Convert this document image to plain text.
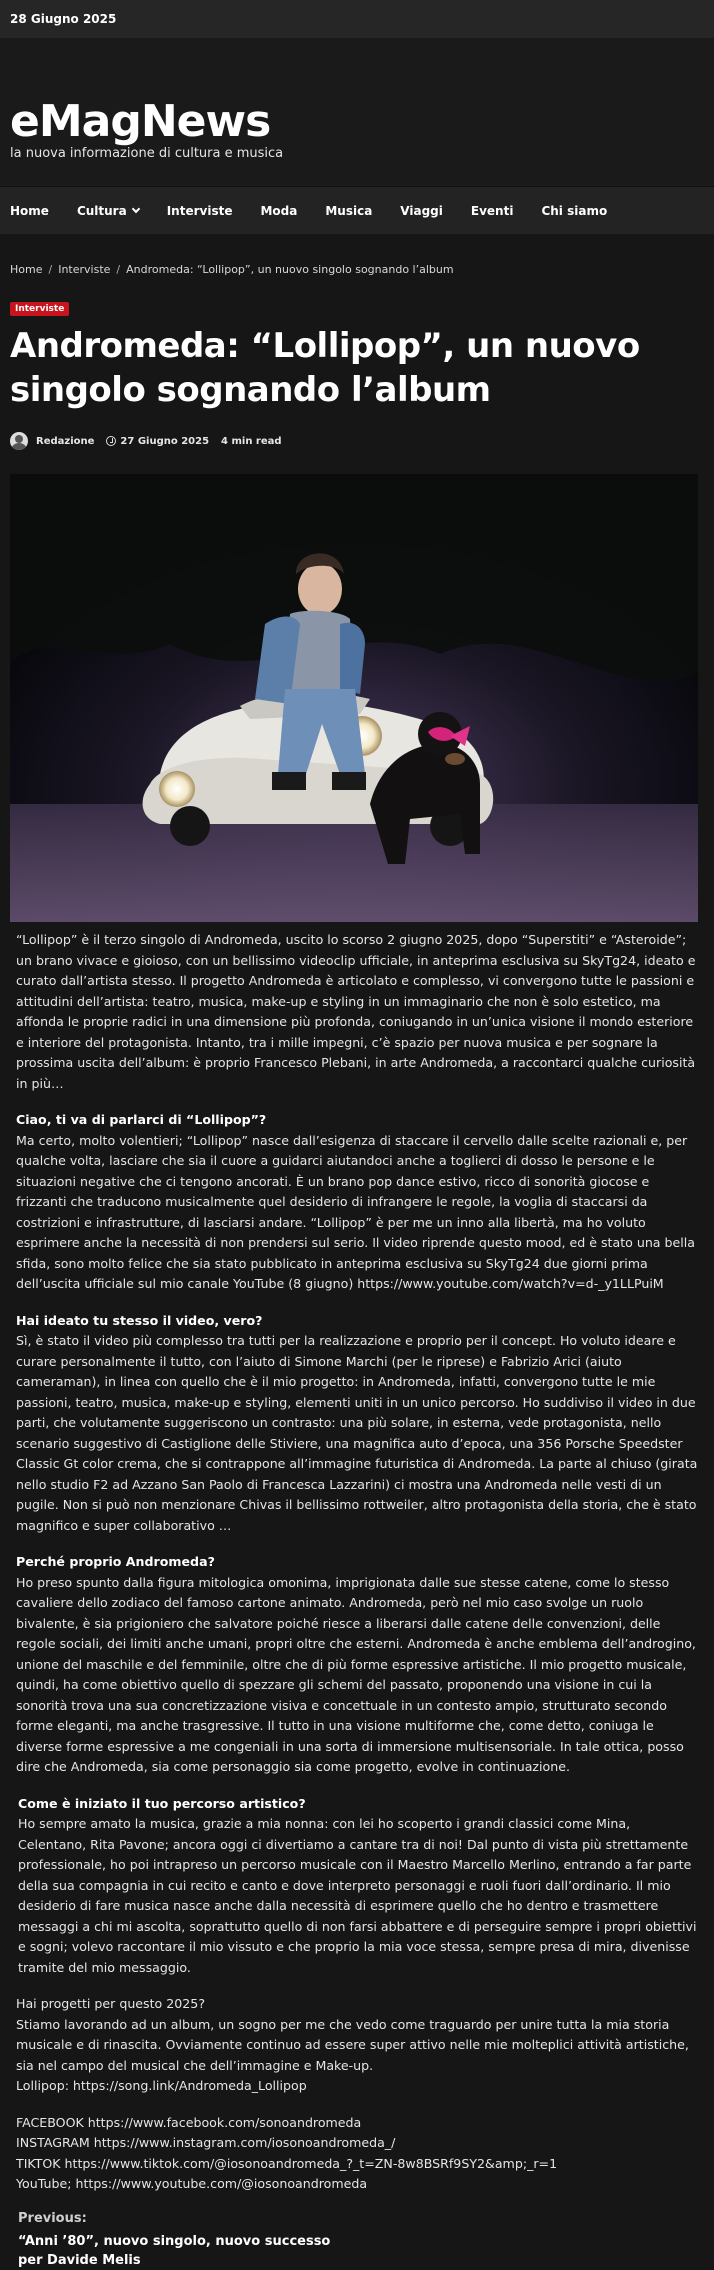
28 Giugno 2025
eMagNews
la nuova informazione di cultura e musica
Home Cultura	Interviste Moda Musica Viaggi Eventi Chi siamo
Home / Interviste / Andromeda: “Lollipop”, un nuovo singolo sognando l’album
Interviste
Andromeda: “Lollipop”, un nuovo singolo sognando l’album
Redazione	27 Giugno 2025 4 min read

“Lollipop” è il terzo singolo di Andromeda, uscito lo scorso 2 giugno 2025, dopo “Superstiti” e “Asteroide”; un brano vivace e gioioso, con un bellissimo videoclip ufficiale, in anteprima esclusiva su SkyTg24, ideato e curato dall’artista stesso. Il progetto Andromeda è articolato e complesso, vi convergono tutte le passioni e attitudini dell’artista: teatro, musica, make-up e styling in un immaginario che non è solo estetico, ma affonda le proprie radici in una dimensione più profonda, coniugando in un’unica visione il mondo esteriore e interiore del protagonista. Intanto, tra i mille impegni, c’è spazio per nuova musica e per sognare la prossima uscita dell’album: è proprio Francesco Plebani, in arte Andromeda, a raccontarci qualche curiosità in più…

Ciao, ti va di parlarci di “Lollipop”?
Ma certo, molto volentieri; “Lollipop” nasce dall’esigenza di staccare il cervello dalle scelte razionali e, per qualche volta, lasciare che sia il cuore a guidarci aiutandoci anche a toglierci di dosso le persone e le situazioni negative che ci tengono ancorati. È un brano pop dance estivo, ricco di sonorità giocose e frizzanti che traducono musicalmente quel desiderio di infrangere le regole, la voglia di staccarsi da costrizioni e infrastrutture, di lasciarsi andare. “Lollipop” è per me un inno alla libertà, ma ho voluto esprimere anche la necessità di non prendersi sul serio. Il video riprende questo mood, ed è stato una bella sfida, sono molto felice che sia stato pubblicato in anteprima esclusiva su SkyTg24 due giorni prima dell’uscita ufficiale sul mio canale YouTube (8 giugno) https://www.youtube.com/watch?v=d-_y1LLPuiM

Hai ideato tu stesso il video, vero?
Sì, è stato il video più complesso tra tutti per la realizzazione e proprio per il concept. Ho voluto ideare e curare personalmente il tutto, con l’aiuto di Simone Marchi (per le riprese) e Fabrizio Arici (aiuto cameraman), in linea con quello che è il mio progetto: in Andromeda, infatti, convergono tutte le mie passioni, teatro, musica, make-up e styling, elementi uniti in un unico percorso. Ho suddiviso il video in due parti, che volutamente suggeriscono un contrasto: una più solare, in esterna, vede protagonista, nello scenario suggestivo di Castiglione delle Stiviere, una magnifica auto d’epoca, una 356 Porsche Speedster Classic Gt color crema, che si contrappone all’immagine futuristica di Andromeda. La parte al chiuso (girata nello studio F2 ad Azzano San Paolo di Francesca Lazzarini) ci mostra una Andromeda nelle vesti di un pugile. Non si può non menzionare Chivas il bellissimo rottweiler, altro protagonista della storia, che è stato magnifico e super collaborativo …

Perché proprio Andromeda?
Ho preso spunto dalla figura mitologica omonima, imprigionata dalle sue stesse catene, come lo stesso cavaliere dello zodiaco del famoso cartone animato. Andromeda, però nel mio caso svolge un ruolo bivalente, è sia prigioniero che salvatore poiché riesce a liberarsi dalle catene delle convenzioni, delle regole sociali, dei limiti anche umani, propri oltre che esterni. Andromeda è anche emblema dell’androgino, unione del maschile e del femminile, oltre che di più forme espressive artistiche. Il mio progetto musicale, quindi, ha come obiettivo quello di spezzare gli schemi del passato, proponendo una visione in cui la sonorità trova una sua concretizzazione visiva e concettuale in un contesto ampio, strutturato secondo forme eleganti, ma anche trasgressive. Il tutto in una visione multiforme che, come detto, coniuga le diverse forme espressive a me congeniali in una sorta di immersione multisensoriale. In tale ottica, posso dire che Andromeda, sia come personaggio sia come progetto, evolve in continuazione.

Come è iniziato il tuo percorso artistico?
Ho sempre amato la musica, grazie a mia nonna: con lei ho scoperto i grandi classici come Mina, Celentano, Rita Pavone; ancora oggi ci divertiamo a cantare tra di noi! Dal punto di vista più strettamente professionale, ho poi intrapreso un percorso musicale con il Maestro Marcello Merlino, entrando a far parte della sua compagnia in cui recito e canto e dove interpreto personaggi e ruoli fuori dall’ordinario. Il mio desiderio di fare musica nasce anche dalla necessità di esprimere quello che ho dentro e trasmettere messaggi a chi mi ascolta, soprattutto quello di non farsi abbattere e di perseguire sempre i propri obiettivi e sogni; volevo raccontare il mio vissuto e che proprio la mia voce stessa, sempre presa di mira, divenisse tramite del mio messaggio.

Hai progetti per questo 2025?
Stiamo lavorando ad un album, un sogno per me che vedo come traguardo per unire tutta la mia storia musicale e di rinascita. Ovviamente continuo ad essere super attivo nelle mie molteplici attività artistiche, sia nel campo del musical che dell’immagine e Make-up.
Lollipop: https://song.link/Andromeda_Lollipop

FACEBOOK https://www.facebook.com/sonoandromeda
INSTAGRAM https://www.instagram.com/iosonoandromeda_/
TIKTOK https://www.tiktok.com/@iosonoandromeda_?_t=ZN-8w8BSRf9SY2&amp;_r=1
YouTube; https://www.youtube.com/@iosonoandromeda

Previous:
“Anni ’80”, nuovo singolo, nuovo successo per Davide Melis
